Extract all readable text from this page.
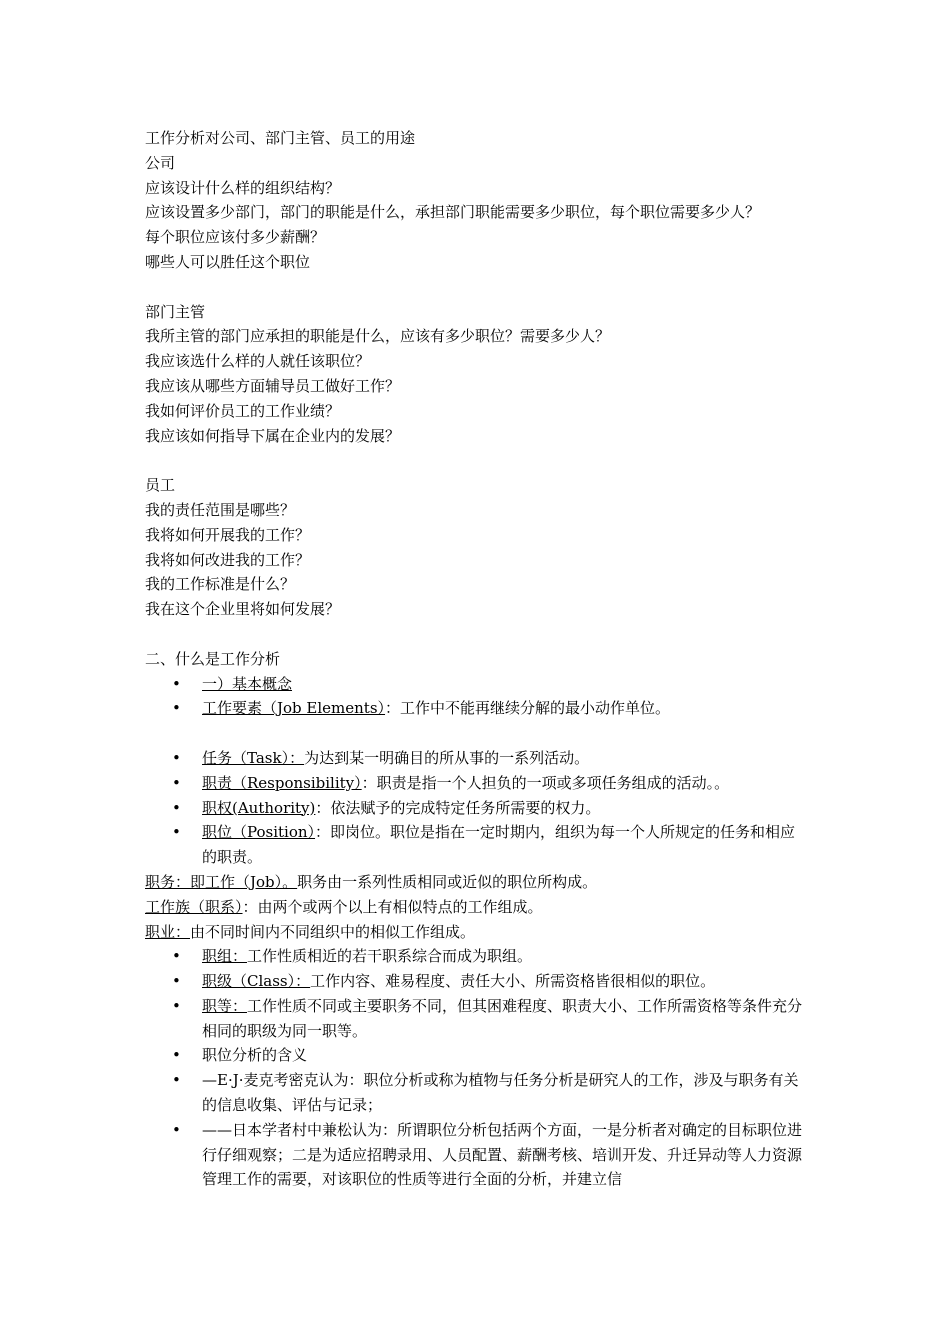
工作分析对公司、部门主管、员工的用途

公司

应该设计什么样的组织结构？

应该设置多少部门，部门的职能是什么，承担部门职能需要多少职位，每个职位需要多少人？

每个职位应该付多少薪酬？

哪些人可以胜任这个职位

部门主管

我所主管的部门应承担的职能是什么，应该有多少职位？需要多少人？

我应该选什么样的人就任该职位？

我应该从哪些方面辅导员工做好工作？

我如何评价员工的工作业绩？

我应该如何指导下属在企业内的发展？

员工

我的责任范围是哪些？

我将如何开展我的工作？

我将如何改进我的工作？

我的工作标准是什么？

我在这个企业里将如何发展？

二、什么是工作分析

• 一）基本概念
• 工作要素（Job Elements）：工作中不能再继续分解的最小动作单位。
• 任务（Task）：为达到某一明确目的所从事的一系列活动。
• 职责（Responsibility）：职责是指一个人担负的一项或多项任务组成的活动。。
• 职权(Authority)：依法赋予的完成特定任务所需要的权力。
• 职位（Position）：即岗位。职位是指在一定时期内，组织为每一个人所规定的任务和相应的职责。

职务：即工作（Job）。职务由一系列性质相同或近似的职位所构成。

工作族（职系）：由两个或两个以上有相似特点的工作组成。

职业：由不同时间内不同组织中的相似工作组成。

• 职组：工作性质相近的若干职系综合而成为职组。
• 职级（Class）：工作内容、难易程度、责任大小、所需资格皆很相似的职位。
• 职等：工作性质不同或主要职务不同，但其困难程度、职责大小、工作所需资格等条件充分相同的职级为同一职等。
• 职位分析的含义
• —E·J·麦克考密克认为：职位分析或称为植物与任务分析是研究人的工作，涉及与职务有关的信息收集、评估与记录；
• ——日本学者村中兼松认为：所谓职位分析包括两个方面，一是分析者对确定的目标职位进行仔细观察；二是为适应招聘录用、人员配置、薪酬考核、培训开发、升迁异动等人力资源管理工作的需要，对该职位的性质等进行全面的分析，并建立信
